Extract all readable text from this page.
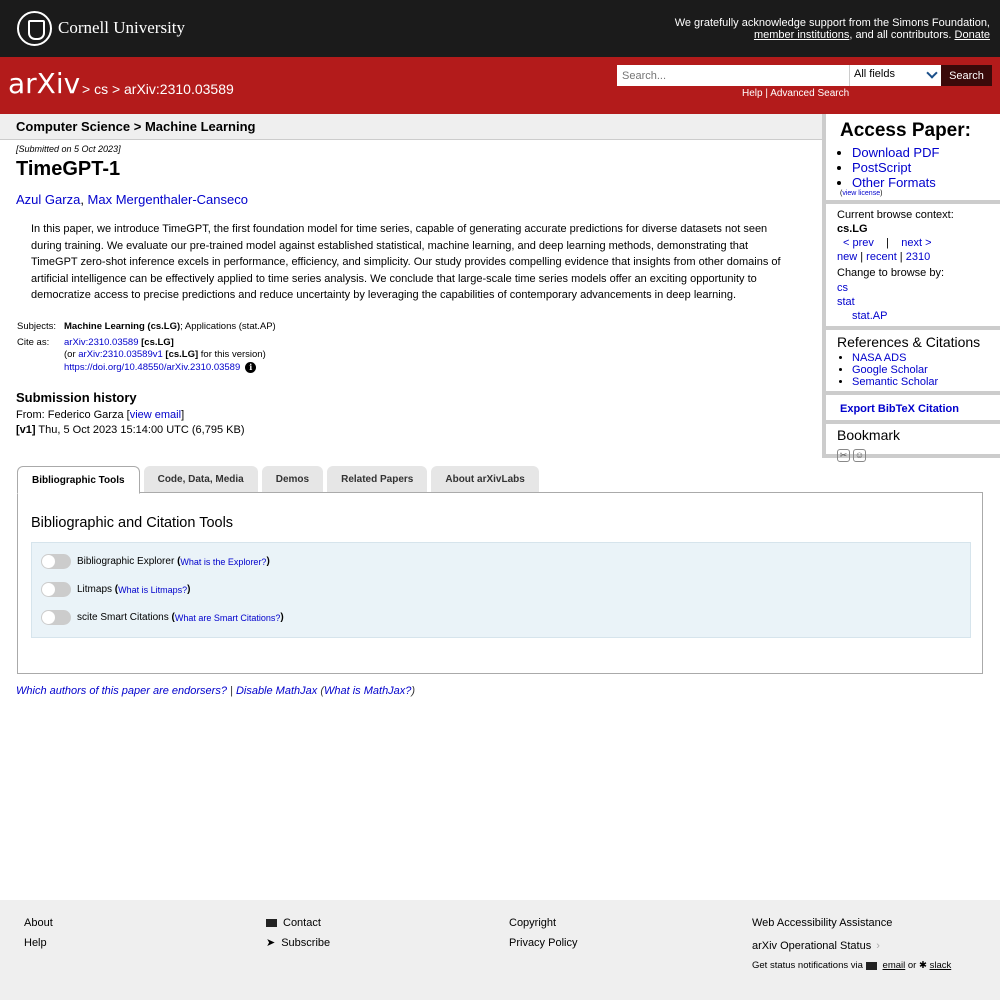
Cornell University	We gratefully acknowledge support from the Simons Foundation,
member institutions, and all contributors. Donate
arXiv > cs > arXiv:2310.03589
Search...
All fields	Search
Help | Advanced Search
Computer Science > Machine Learning
[Submitted on 5 Oct 2023]
TimeGPT-1
Azul Garza, Max Mergenthaler-Canseco
In this paper, we introduce TimeGPT, the first foundation model for time series, capable of generating accurate predictions for diverse datasets not seen during training. We evaluate our pre-trained model against established statistical, machine learning, and deep learning methods, demonstrating that TimeGPT zero-shot inference excels in performance, efficiency, and simplicity. Our study provides compelling evidence that insights from other domains of artificial intelligence can be effectively applied to time series analysis. We conclude that large-scale time series models offer an exciting opportunity to democratize access to precise predictions and reduce uncertainty by leveraging the capabilities of contemporary advancements in deep learning.
Subjects:	Machine Learning (cs.LG); Applications (stat.AP)
Cite as:	arXiv:2310.03589 [cs.LG]
(or arXiv:2310.03589v1 [cs.LG] for this version)
https://doi.org/10.48550/arXiv.2310.03589 i
Submission history
From: Federico Garza [view email]
[v1] Thu, 5 Oct 2023 15:14:00 UTC (6,795 KB)
Access Paper:
• Download PDF
• PostScript
• Other Formats
(view license)
Current browse context:
cs.LG
< prev | next >
new | recent | 2310
Change to browse by:
cs
stat
stat.AP
References & Citations
• NASA ADS
• Google Scholar
• Semantic Scholar
Export BibTeX Citation
Bookmark
✂ ☺
Bibliographic Tools	Code, Data, Media	Demos	Related Papers	About arXivLabs
Bibliographic and Citation Tools
Bibliographic Explorer
( What is the Explorer? )
Litmaps
( What is Litmaps? )
scite Smart Citations
( What are Smart Citations? )
Which authors of this paper are endorsers? | Disable MathJax (What is MathJax?)
About
Help
Contact
➤ Subscribe
Copyright
Privacy Policy
Web Accessibility Assistance
arXiv Operational Status ›
Get status notifications via
email
or
✱
slack
